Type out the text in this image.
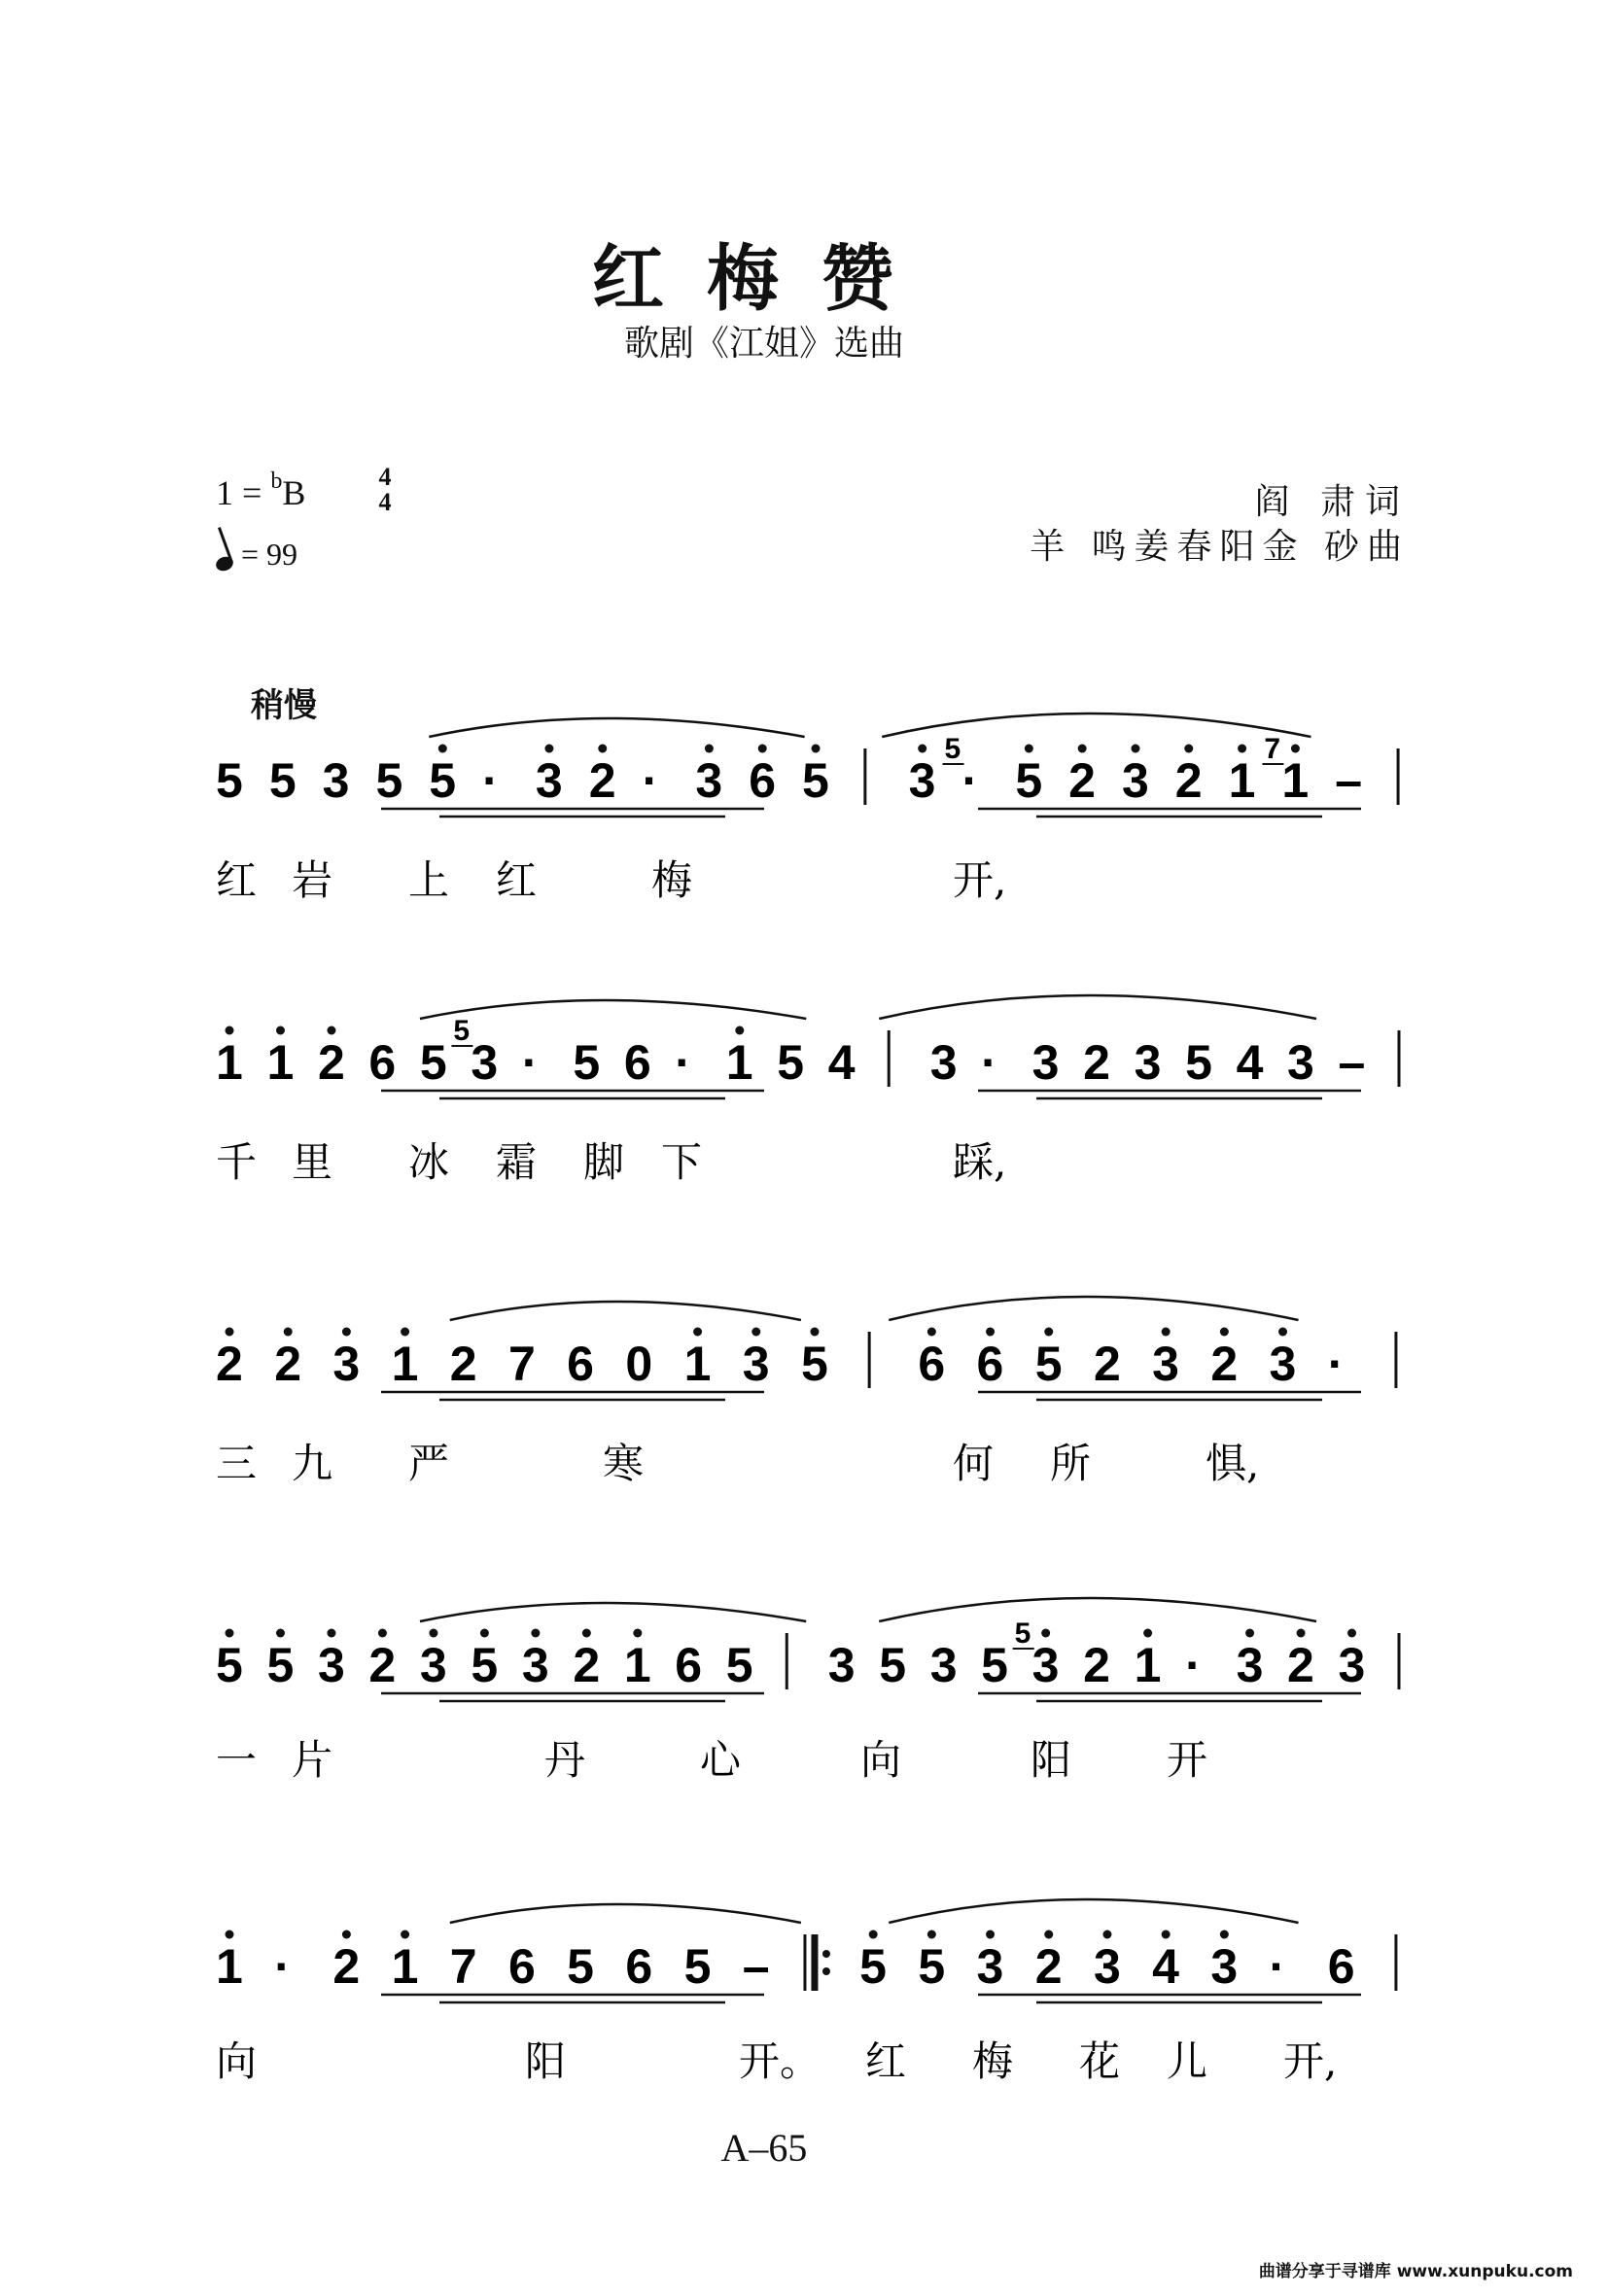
红梅赞
歌剧《江姐》选曲
1 = $^b$B	4
4
= 99
阎 肃词
羊 鸣姜春阳金 砂曲
稍慢
5 5 3 5 5 · 3 2 · 3 6 5 3 · 5 2 3 2 1 1 –
红 岩 上 红	梅	开,
1 1 2 6 5 3 · 5 6 · 1 5 4 3 · 3 2 3 5 4 3 –
千 里 冰 霜 脚 下	踩,
2 2 3 1 2 7 6 0 1 3 5 6 6 5 2 3 2 3 ·
三 九 严	寒	何 所	惧,
5 5 3 2 3 5 3 2 1 6 5 3 5 3 5 3 2 1 · 3 2 3
一 片	丹	心	向	阳 开
1 · 2 1 7 6 5 6 5 – 5 5 3 2 3 4 3 · 6
向	阳	开。 红 梅 花 儿 开,
5	7
5
5
A–65
曲谱分享于寻谱库 www.xunpuku.com
